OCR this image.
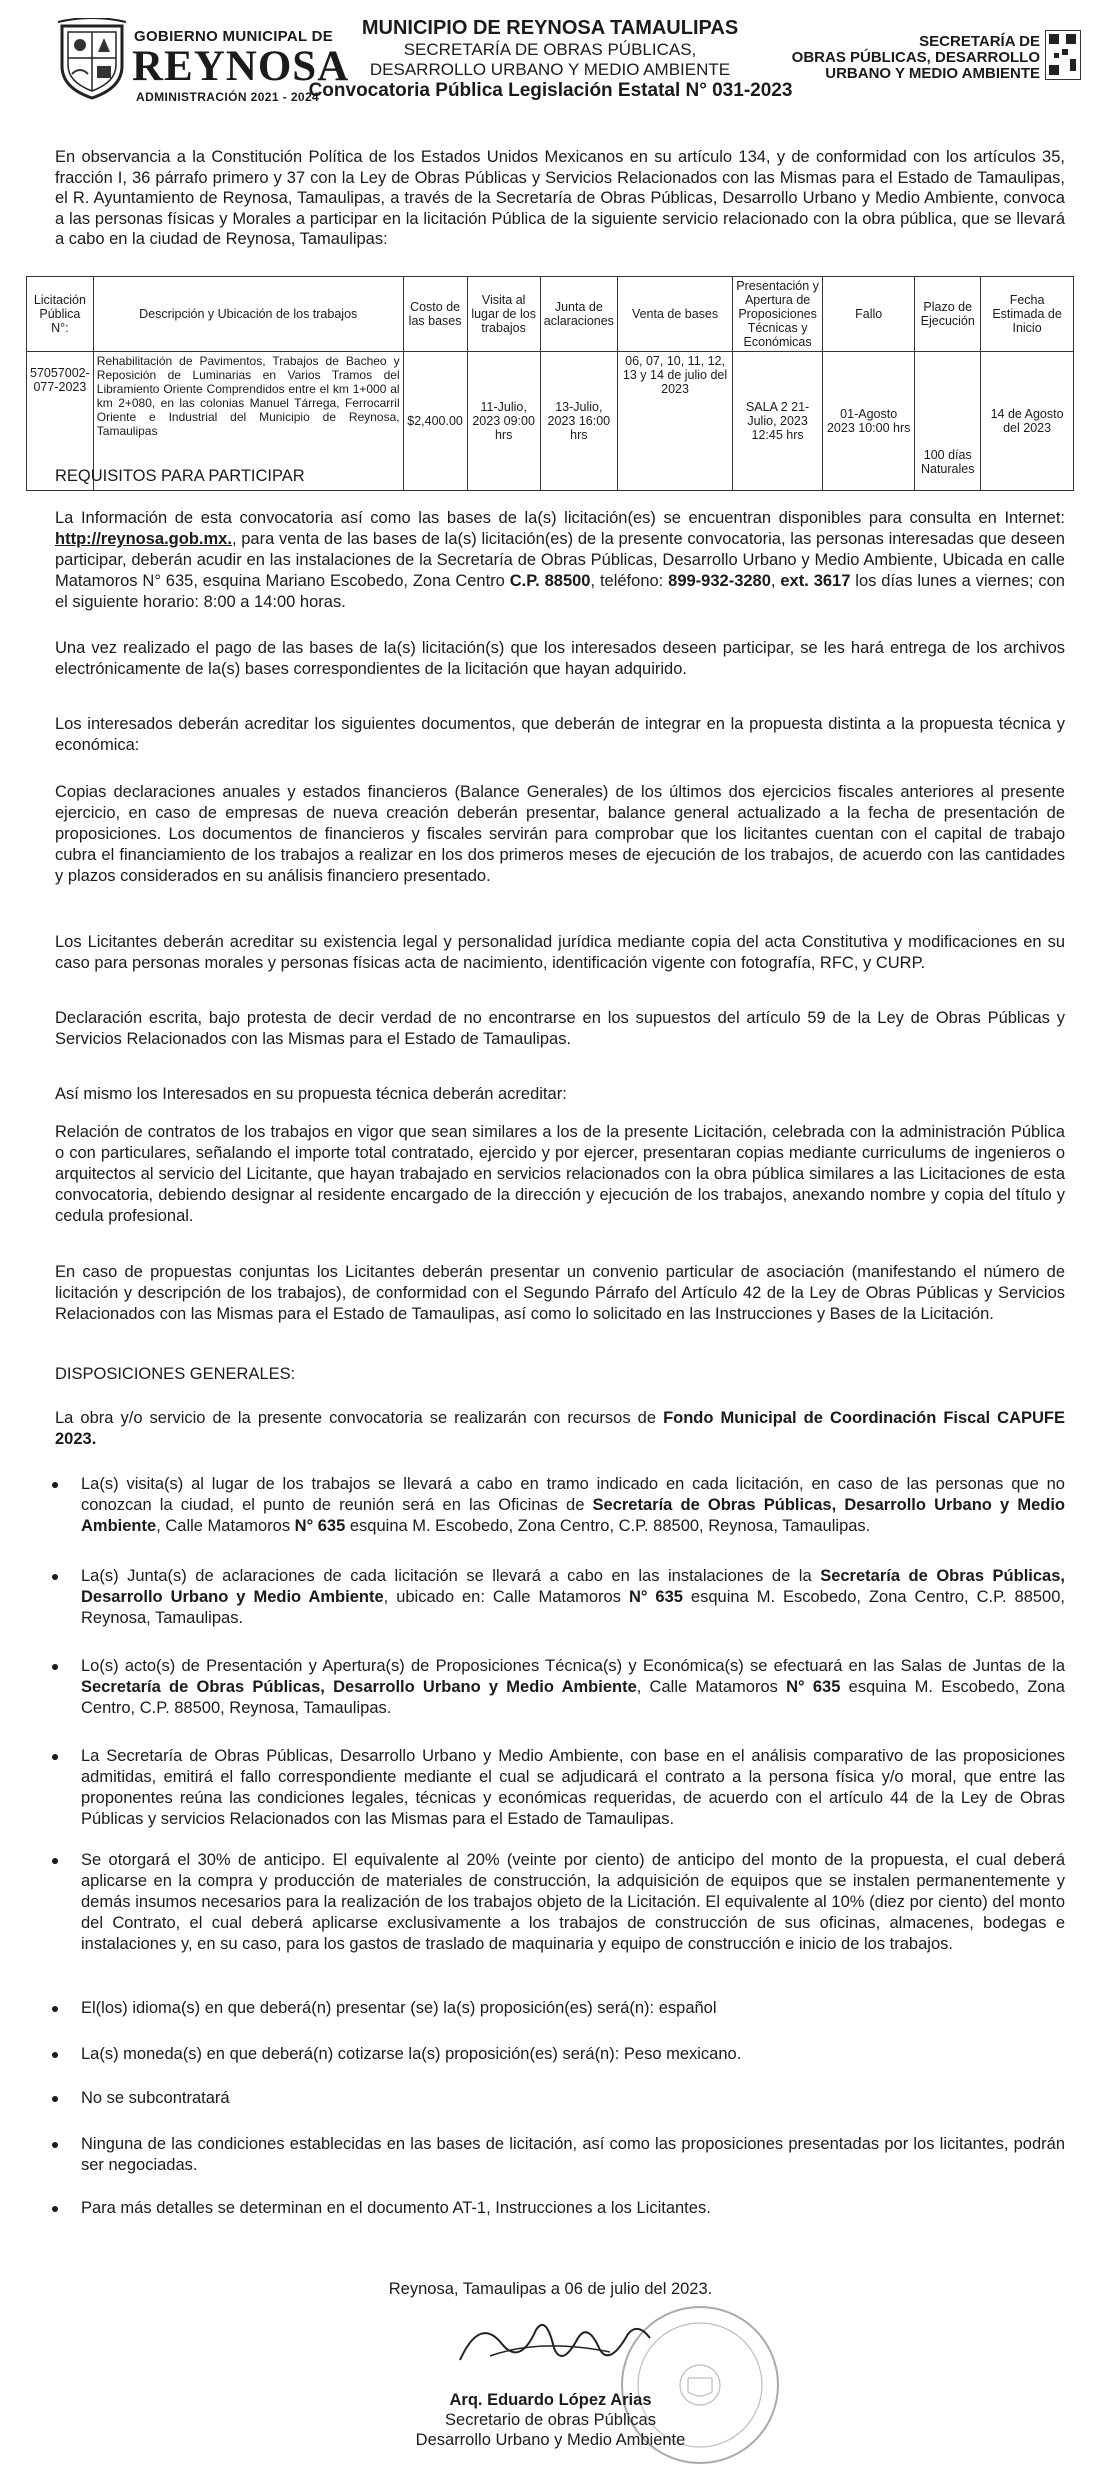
GOBIERNO MUNICIPAL DE
REYNOSA
ADMINISTRACIÓN 2021 - 2024
MUNICIPIO DE REYNOSA TAMAULIPAS
SECRETARÍA DE OBRAS PÚBLICAS,
DESARROLLO URBANO Y MEDIO AMBIENTE
SECRETARÍA DE
OBRAS PÚBLICAS, DESARROLLO
URBANO Y MEDIO AMBIENTE
Convocatoria Pública Legislación Estatal N° 031-2023
En observancia a la Constitución Política de los Estados Unidos Mexicanos en su artículo 134, y de conformidad con los artículos 35, fracción I, 36 párrafo primero y 37 con la Ley de Obras Públicas y Servicios Relacionados con las Mismas para el Estado de Tamaulipas, el R. Ayuntamiento de Reynosa, Tamaulipas, a través de la Secretaría de Obras Públicas, Desarrollo Urbano y Medio Ambiente, convoca a las personas físicas y Morales a participar en la licitación Pública de la siguiente servicio relacionado con la obra pública, que se llevará a cabo en la ciudad de Reynosa, Tamaulipas:
Licitación Pública N°:	Descripción y Ubicación de los trabajos	Costo de las bases	Visita al lugar de los trabajos	Junta de aclaraciones	Venta de bases	Presentación y Apertura de Proposiciones Técnicas y Económicas	Fallo	Plazo de Ejecución	Fecha Estimada de Inicio
57057002-077-2023	Rehabilitación de Pavimentos, Trabajos de Bacheo y Reposición de Luminarias en Varios Tramos del Libramiento Oriente Comprendidos entre el km 1+000 al km 2+080, en las colonias Manuel Tárrega, Ferrocarril Oriente e Industrial del Municipio de Reynosa, Tamaulipas	$2,400.00	11-Julio, 2023 09:00 hrs	13-Julio, 2023 16:00 hrs	06, 07, 10, 11, 12, 13 y 14 de julio del 2023	SALA 2 21-Julio, 2023 12:45 hrs	01-Agosto 2023 10:00 hrs	100 días Naturales	14 de Agosto del 2023
REQUISITOS PARA PARTICIPAR
La Información de esta convocatoria así como las bases de la(s) licitación(es) se encuentran disponibles para consulta en Internet: http://reynosa.gob.mx., para venta de las bases de la(s) licitación(es) de la presente convocatoria, las personas interesadas que deseen participar, deberán acudir en las instalaciones de la Secretaría de Obras Públicas, Desarrollo Urbano y Medio Ambiente, Ubicada en calle Matamoros N° 635, esquina Mariano Escobedo, Zona Centro C.P. 88500, teléfono: 899-932-3280, ext. 3617 los días lunes a viernes; con el siguiente horario: 8:00 a 14:00 horas.
Una vez realizado el pago de las bases de la(s) licitación(s) que los interesados deseen participar, se les hará entrega de los archivos electrónicamente de la(s) bases correspondientes de la licitación que hayan adquirido.
Los interesados deberán acreditar los siguientes documentos, que deberán de integrar en la propuesta distinta a la propuesta técnica y económica:
Copias declaraciones anuales y estados financieros (Balance Generales) de los últimos dos ejercicios fiscales anteriores al presente ejercicio, en caso de empresas de nueva creación deberán presentar, balance general actualizado a la fecha de presentación de proposiciones. Los documentos de financieros y fiscales servirán para comprobar que los licitantes cuentan con el capital de trabajo cubra el financiamiento de los trabajos a realizar en los dos primeros meses de ejecución de los trabajos, de acuerdo con las cantidades y plazos considerados en su análisis financiero presentado.
Los Licitantes deberán acreditar su existencia legal y personalidad jurídica mediante copia del acta Constitutiva y modificaciones en su caso para personas morales y personas físicas acta de nacimiento, identificación vigente con fotografía, RFC, y CURP.
Declaración escrita, bajo protesta de decir verdad de no encontrarse en los supuestos del artículo 59 de la Ley de Obras Públicas y Servicios Relacionados con las Mismas para el Estado de Tamaulipas.
Así mismo los Interesados en su propuesta técnica deberán acreditar:
Relación de contratos de los trabajos en vigor que sean similares a los de la presente Licitación, celebrada con la administración Pública o con particulares, señalando el importe total contratado, ejercido y por ejercer, presentaran copias mediante curriculums de ingenieros o arquitectos al servicio del Licitante, que hayan trabajado en servicios relacionados con la obra pública similares a las Licitaciones de esta convocatoria, debiendo designar al residente encargado de la dirección y ejecución de los trabajos, anexando nombre y copia del título y cedula profesional.
En caso de propuestas conjuntas los Licitantes deberán presentar un convenio particular de asociación (manifestando el número de licitación y descripción de los trabajos), de conformidad con el Segundo Párrafo del Artículo 42 de la Ley de Obras Públicas y Servicios Relacionados con las Mismas para el Estado de Tamaulipas, así como lo solicitado en las Instrucciones y Bases de la Licitación.
DISPOSICIONES GENERALES:
La obra y/o servicio de la presente convocatoria se realizarán con recursos de Fondo Municipal de Coordinación Fiscal CAPUFE 2023.
La(s) visita(s) al lugar de los trabajos se llevará a cabo en tramo indicado en cada licitación, en caso de las personas que no conozcan la ciudad, el punto de reunión será en las Oficinas de Secretaría de Obras Públicas, Desarrollo Urbano y Medio Ambiente, Calle Matamoros N° 635 esquina M. Escobedo, Zona Centro, C.P. 88500, Reynosa, Tamaulipas.
La(s) Junta(s) de aclaraciones de cada licitación se llevará a cabo en las instalaciones de la Secretaría de Obras Públicas, Desarrollo Urbano y Medio Ambiente, ubicado en: Calle Matamoros N° 635 esquina M. Escobedo, Zona Centro, C.P. 88500, Reynosa, Tamaulipas.
Lo(s) acto(s) de Presentación y Apertura(s) de Proposiciones Técnica(s) y Económica(s) se efectuará en las Salas de Juntas de la Secretaría de Obras Públicas, Desarrollo Urbano y Medio Ambiente, Calle Matamoros N° 635 esquina M. Escobedo, Zona Centro, C.P. 88500, Reynosa, Tamaulipas.
La Secretaría de Obras Públicas, Desarrollo Urbano y Medio Ambiente, con base en el análisis comparativo de las proposiciones admitidas, emitirá el fallo correspondiente mediante el cual se adjudicará el contrato a la persona física y/o moral, que entre las proponentes reúna las condiciones legales, técnicas y económicas requeridas, de acuerdo con el artículo 44 de la Ley de Obras Públicas y servicios Relacionados con las Mismas para el Estado de Tamaulipas.
Se otorgará el 30% de anticipo. El equivalente al 20% (veinte por ciento) de anticipo del monto de la propuesta, el cual deberá aplicarse en la compra y producción de materiales de construcción, la adquisición de equipos que se instalen permanentemente y demás insumos necesarios para la realización de los trabajos objeto de la Licitación. El equivalente al 10% (diez por ciento) del monto del Contrato, el cual deberá aplicarse exclusivamente a los trabajos de construcción de sus oficinas, almacenes, bodegas e instalaciones y, en su caso, para los gastos de traslado de maquinaria y equipo de construcción e inicio de los trabajos.
El(los) idioma(s) en que deberá(n) presentar (se) la(s) proposición(es) será(n): español
La(s) moneda(s) en que deberá(n) cotizarse la(s) proposición(es) será(n): Peso mexicano.
No se subcontratará
Ninguna de las condiciones establecidas en las bases de licitación, así como las proposiciones presentadas por los licitantes, podrán ser negociadas.
Para más detalles se determinan en el documento AT-1, Instrucciones a los Licitantes.
Reynosa, Tamaulipas a 06 de julio del 2023.
Arq. Eduardo López Arias
Secretario de obras Públicas
Desarrollo Urbano y Medio Ambiente
